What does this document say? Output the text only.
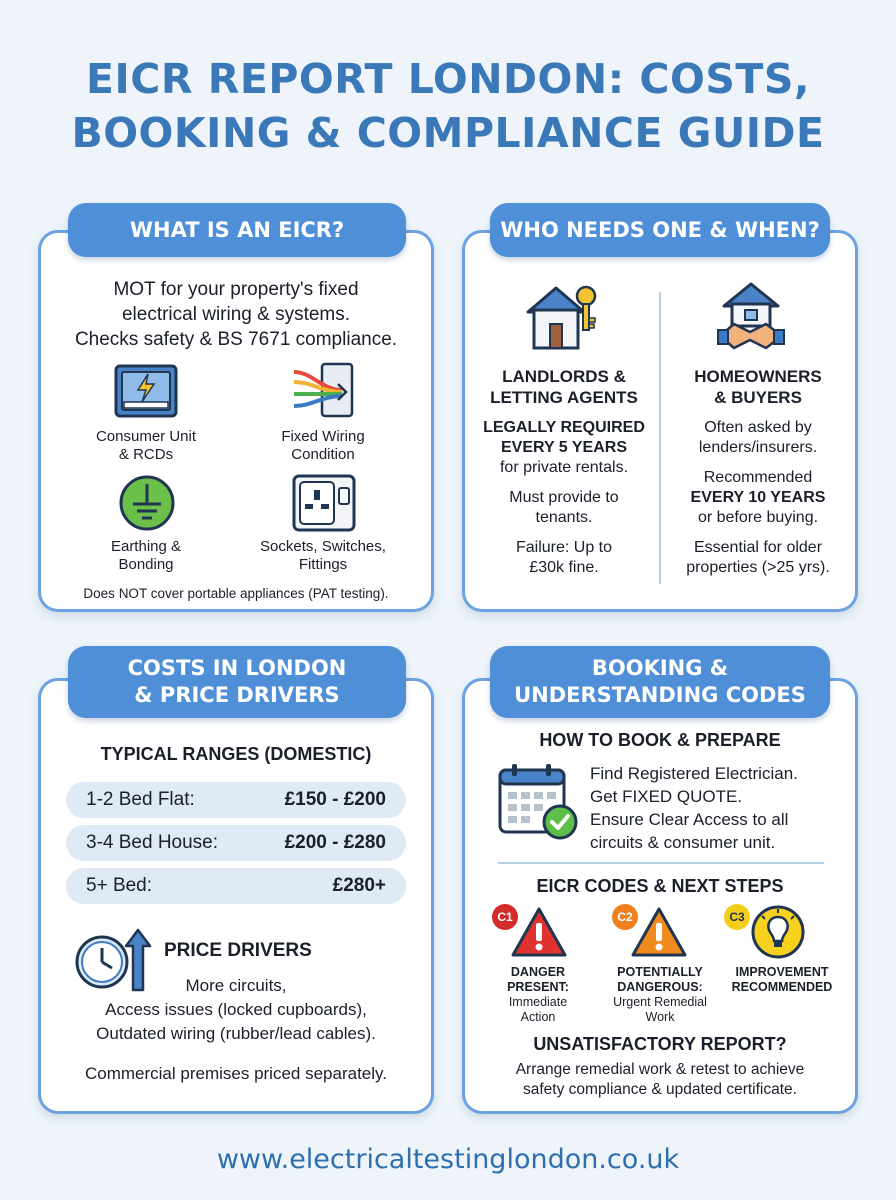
EICR REPORT LONDON: COSTS,
BOOKING & COMPLIANCE GUIDE
WHAT IS AN EICR?
MOT for your property's fixed
electrical wiring & systems.
Checks safety & BS 7671 compliance.
Consumer Unit
& RCDs
Fixed Wiring
Condition
Earthing &
Bonding
Sockets, Switches,
Fittings
Does NOT cover portable appliances (PAT testing).
WHO NEEDS ONE & WHEN?
LANDLORDS &
LETTING AGENTS
LEGALLY REQUIRED
EVERY 5 YEARS
for private rentals.
Must provide to
tenants.
Failure: Up to
£30k fine.
HOMEOWNERS
& BUYERS
Often asked by
lenders/insurers.
Recommended
EVERY 10 YEARS
or before buying.
Essential for older
properties (>25 yrs).
COSTS IN LONDON
& PRICE DRIVERS
TYPICAL RANGES (DOMESTIC)
1-2 Bed Flat:	£150 - £200
3-4 Bed House:	£200 - £280
5+ Bed:	£280+
PRICE DRIVERS
More circuits,
Access issues (locked cupboards),
Outdated wiring (rubber/lead cables).
Commercial premises priced separately.
BOOKING &
UNDERSTANDING CODES
HOW TO BOOK & PREPARE
Find Registered Electrician.
Get FIXED QUOTE.
Ensure Clear Access to all
circuits & consumer unit.
EICR CODES & NEXT STEPS
C1
DANGER
PRESENT:
Immediate
Action
C2
POTENTIALLY
DANGEROUS:
Urgent Remedial
Work
C3
IMPROVEMENT
RECOMMENDED
UNSATISFACTORY REPORT?
Arrange remedial work & retest to achieve
safety compliance & updated certificate.
www.electricaltestinglondon.co.uk
